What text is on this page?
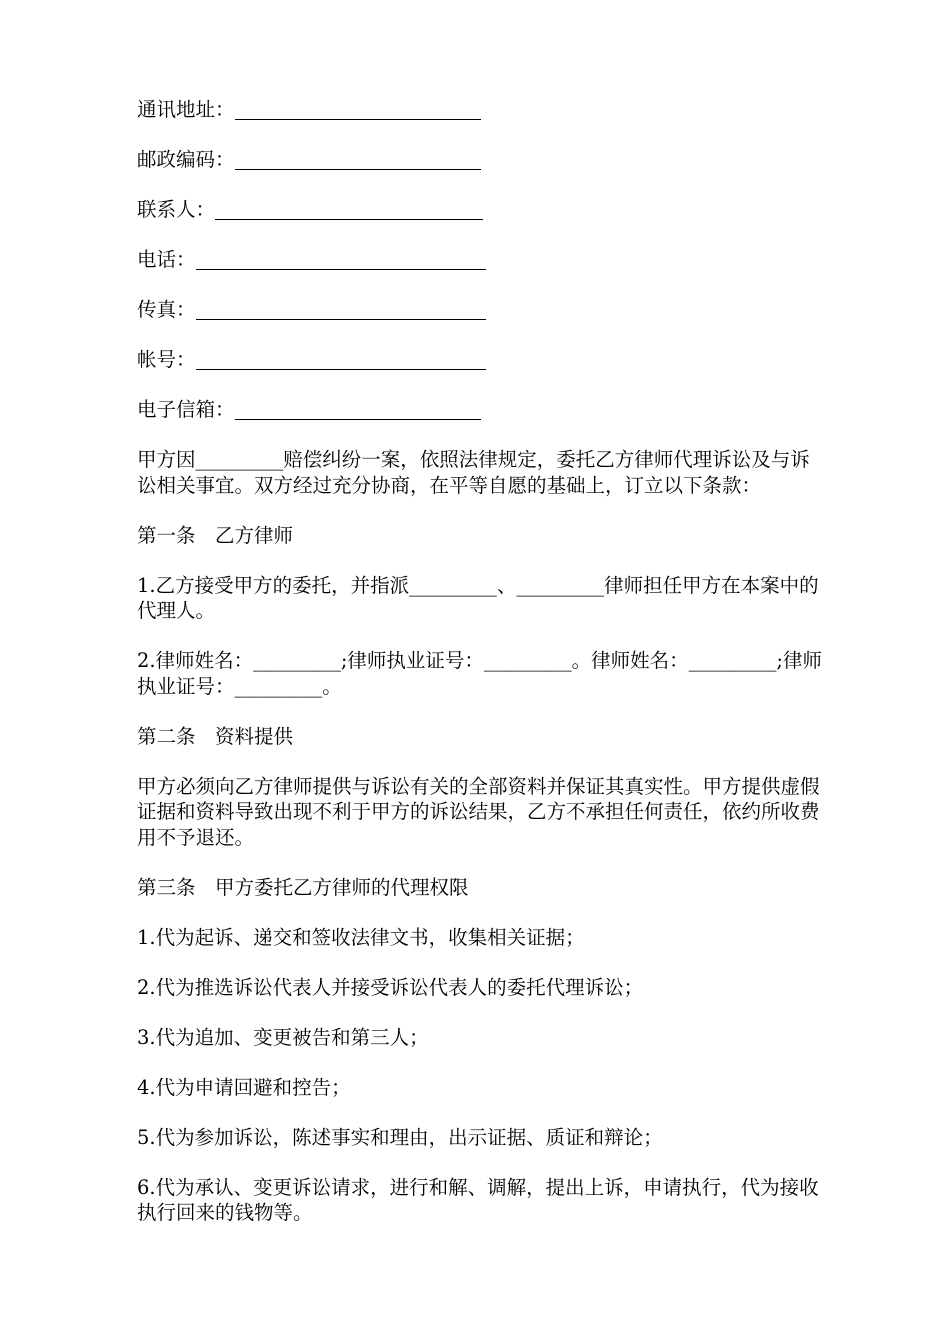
通讯地址：
邮政编码：
联系人：
电话：
传真：
帐号：
电子信箱：

甲方因_________赔偿纠纷一案，依照法律规定，委托乙方律师代理诉讼及与诉讼相关事宜。双方经过充分协商，在平等自愿的基础上，订立以下条款：

第一条　乙方律师

1.乙方接受甲方的委托，并指派_________、_________律师担任甲方在本案中的代理人。

2.律师姓名：_________;律师执业证号：_________。律师姓名：_________;律师执业证号：_________。

第二条　资料提供

甲方必须向乙方律师提供与诉讼有关的全部资料并保证其真实性。甲方提供虚假证据和资料导致出现不利于甲方的诉讼结果，乙方不承担任何责任，依约所收费用不予退还。

第三条　甲方委托乙方律师的代理权限

1.代为起诉、递交和签收法律文书，收集相关证据；

2.代为推选诉讼代表人并接受诉讼代表人的委托代理诉讼；

3.代为追加、变更被告和第三人；

4.代为申请回避和控告；

5.代为参加诉讼，陈述事实和理由，出示证据、质证和辩论；

6.代为承认、变更诉讼请求，进行和解、调解，提出上诉，申请执行，代为接收执行回来的钱物等。
